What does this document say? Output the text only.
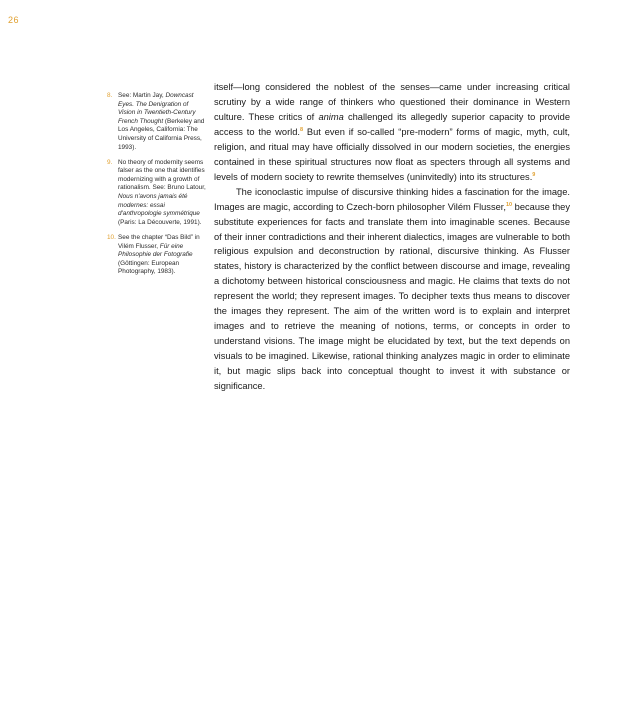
26
8. See: Martin Jay, Downcast Eyes. The Denigration of Vision in Twentieth-Century French Thought (Berkeley and Los Angeles, California: The University of California Press, 1993).
9. No theory of modernity seems falser as the one that identifies modernizing with a growth of rationalism. See: Bruno Latour, Nous n'avons jamais été modernes: essai d'anthropologie symmétrique (Paris: La Découverte, 1991).
10. See the chapter “Das Bild” in Vilém Flusser, Für eine Philosophie der Fotografie (Göttingen: European Photography, 1983).

itself—long considered the noblest of the senses—came under increasing critical scrutiny by a wide range of thinkers who questioned their dominance in Western culture. These critics of anima challenged its allegedly superior capacity to provide access to the world.$^8$ But even if so-called “pre-modern” forms of magic, myth, cult, religion, and ritual may have officially dissolved in our modern societies, the energies contained in these spiritual structures now float as specters through all systems and levels of modern society to rewrite themselves (uninvitedly) into its structures.$^9$

The iconoclastic impulse of discursive thinking hides a fascination for the image. Images are magic, according to Czech-born philosopher Vilém Flusser,$^{10}$ because they substitute experiences for facts and translate them into imaginable scenes. Because of their inner contradictions and their inherent dialectics, images are vulnerable to both religious expulsion and deconstruction by rational, discursive thinking. As Flusser states, history is characterized by the conflict between discourse and image, revealing a dichotomy between historical consciousness and magic. He claims that texts do not represent the world; they represent images. To decipher texts thus means to discover the images they represent. The aim of the written word is to explain and interpret images and to retrieve the meaning of notions, terms, or concepts in order to understand visions. The image might be elucidated by text, but the text depends on visuals to be imagined. Likewise, rational thinking analyzes magic in order to eliminate it, but magic slips back into conceptual thought to invest it with substance or significance.
